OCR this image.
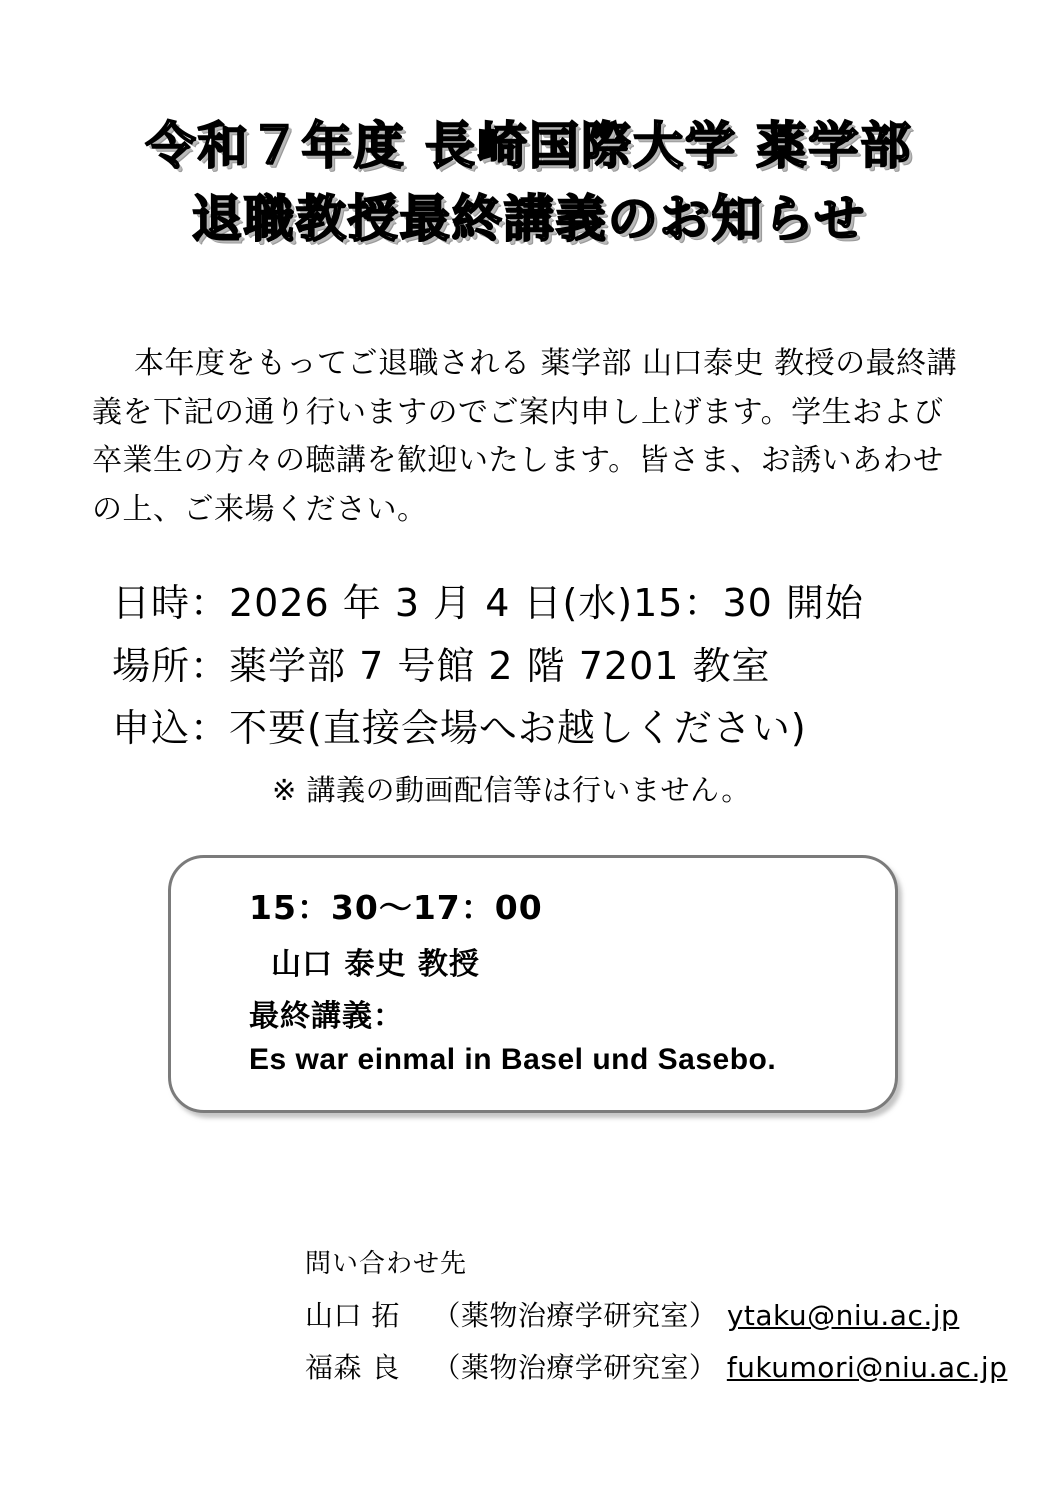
令和７年度 長崎国際大学 薬学部
退職教授最終講義のお知らせ
本年度をもってご退職される 薬学部 山口泰史 教授の最終講義を下記の通り行いますのでご案内申し上げます。学生および卒業生の方々の聴講を歓迎いたします。皆さま、お誘いあわせの上、ご来場ください。
日時：2026 年 3 月 4 日(水)15：30 開始
場所：薬学部 7 号館 2 階 7201 教室
申込：不要(直接会場へお越しください)
※ 講義の動画配信等は行いません。
15：30～17：00
山口 泰史 教授
最終講義：
Es war einmal in Basel und Sasebo.
問い合わせ先
山口 拓 （薬物治療学研究室） ytaku@niu.ac.jp
福森 良 （薬物治療学研究室） fukumori@niu.ac.jp
